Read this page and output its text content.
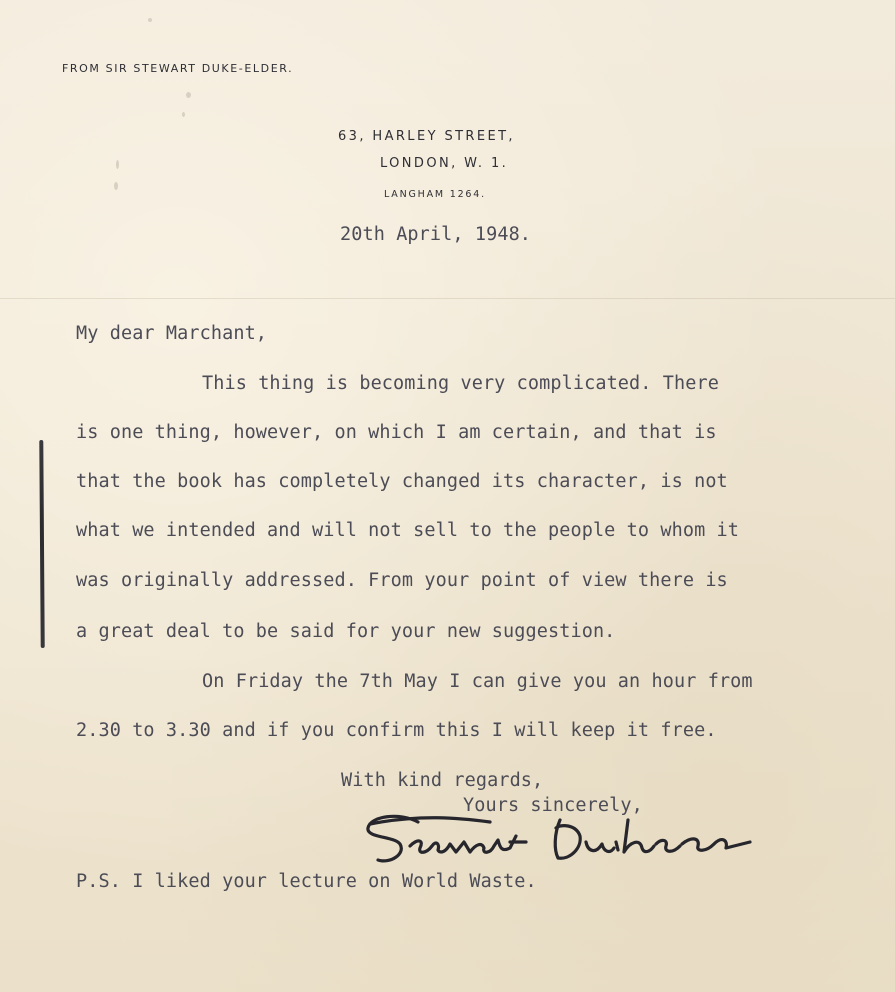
FROM SIR STEWART DUKE-ELDER.
63, HARLEY STREET,
LONDON, W. 1.
LANGHAM 1264.
20th April, 1948.
My dear Marchant,
This thing is becoming very complicated. There
is one thing, however, on which I am certain, and that is
that the book has completely changed its character, is not
what we intended and will not sell to the people to whom it
was originally addressed. From your point of view there is
a great deal to be said for your new suggestion.
On Friday the 7th May I can give you an hour from
2.30 to 3.30 and if you confirm this I will keep it free.
With kind regards,
Yours sincerely,
P.S. I liked your lecture on World Waste.
